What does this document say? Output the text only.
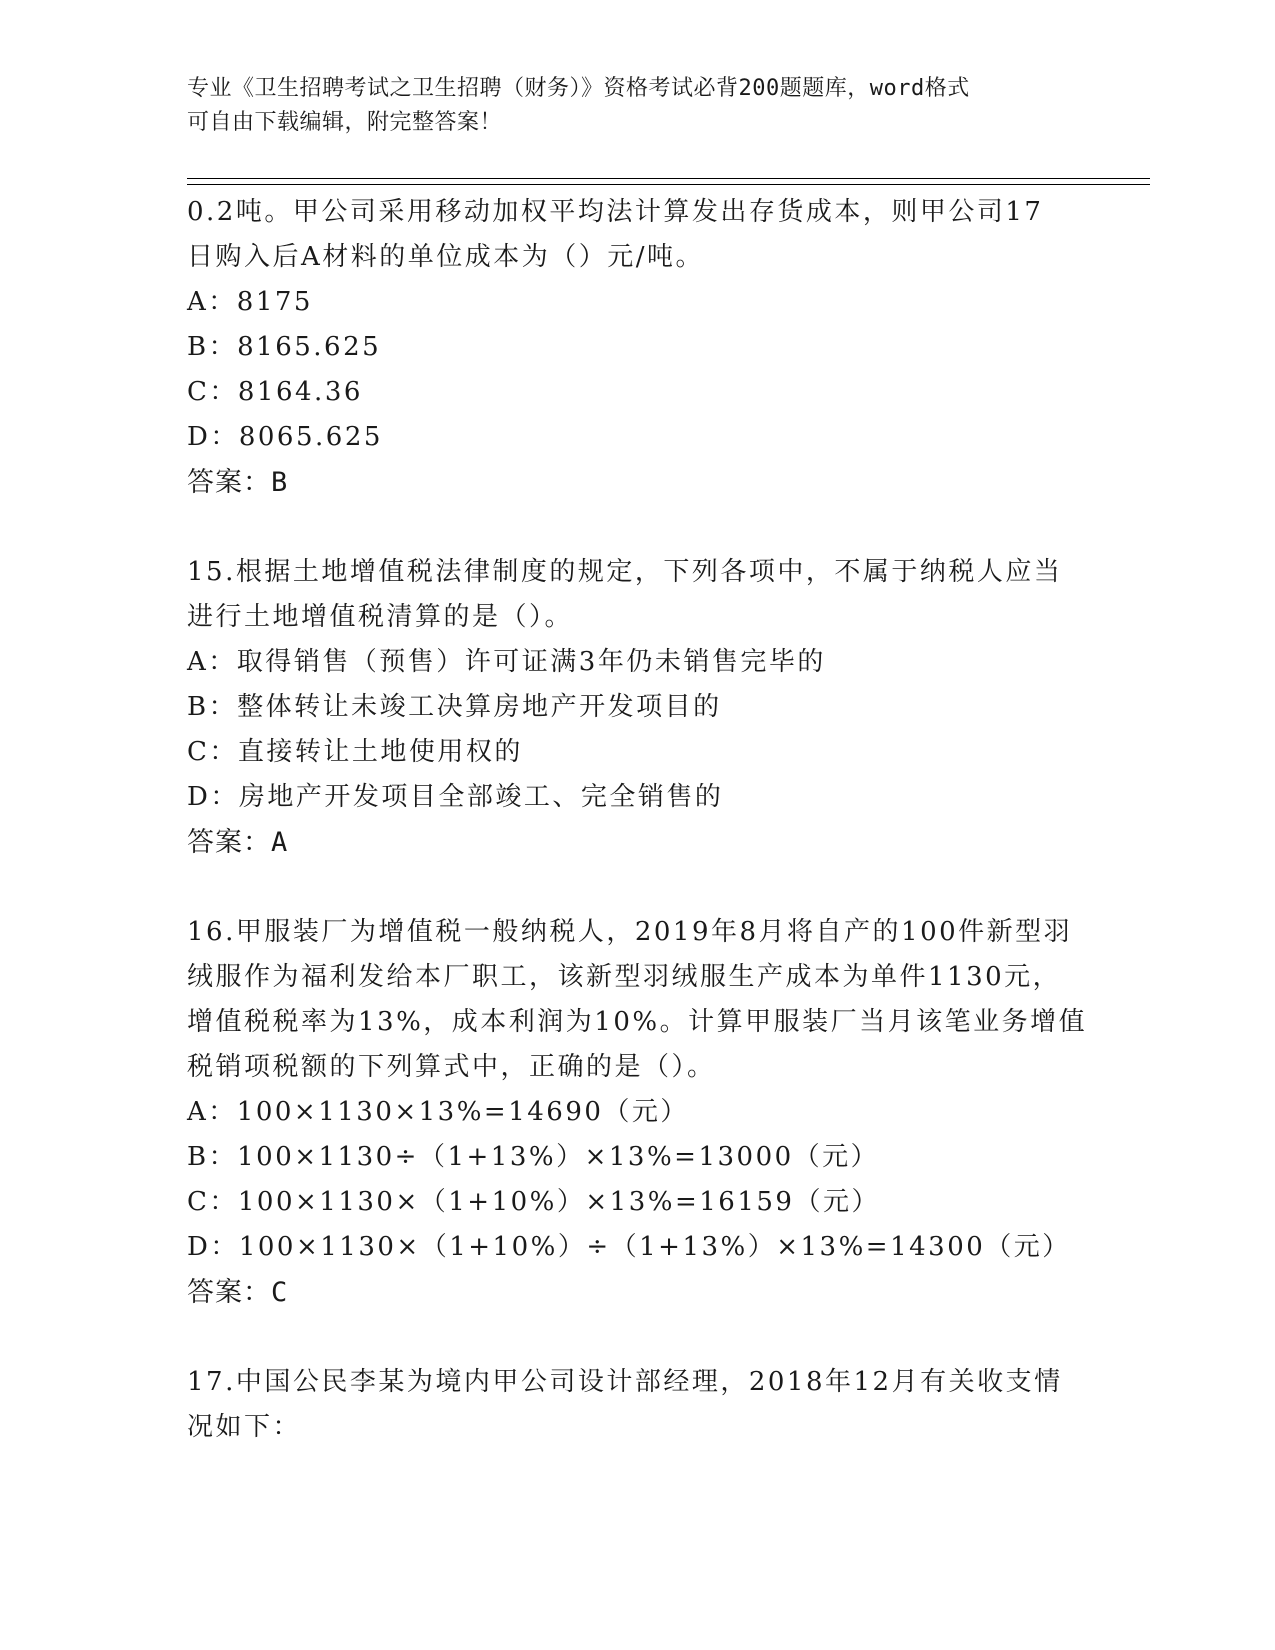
专业《卫生招聘考试之卫生招聘（财务）》资格考试必背200题题库，word格式
可自由下载编辑，附完整答案！
0.2吨。甲公司采用移动加权平均法计算发出存货成本，则甲公司17
日购入后A材料的单位成本为（）元/吨。
A：8175
B：8165.625
C：8164.36
D：8065.625
答案：B
15.根据土地增值税法律制度的规定，下列各项中，不属于纳税人应当
进行土地增值税清算的是（）。
A：取得销售（预售）许可证满3年仍未销售完毕的
B：整体转让未竣工决算房地产开发项目的
C：直接转让土地使用权的
D：房地产开发项目全部竣工、完全销售的
答案：A
16.甲服装厂为增值税一般纳税人，2019年8月将自产的100件新型羽
绒服作为福利发给本厂职工，该新型羽绒服生产成本为单件1130元，
增值税税率为13%，成本利润为10%。计算甲服装厂当月该笔业务增值
税销项税额的下列算式中，正确的是（）。
A：100×1130×13%=14690（元）
B：100×1130÷（1+13%）×13%=13000（元）
C：100×1130×（1+10%）×13%=16159（元）
D：100×1130×（1+10%）÷（1+13%）×13%=14300（元）
答案：C
17.中国公民李某为境内甲公司设计部经理，2018年12月有关收支情
况如下：
